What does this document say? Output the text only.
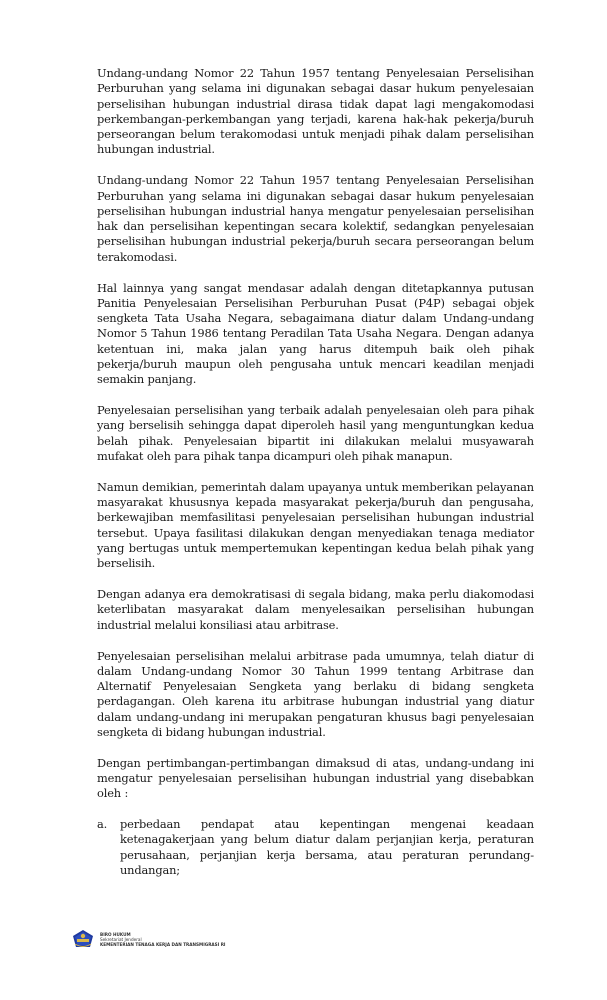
Undang-undang Nomor 22 Tahun 1957 tentang Penyelesaian Perselisihan Perburuhan yang selama ini digunakan sebagai dasar hukum penyelesaian perselisihan hubungan industrial dirasa tidak dapat lagi mengakomodasi perkembangan-perkembangan yang terjadi, karena hak-hak pekerja/buruh perseorangan belum terakomodasi untuk menjadi pihak dalam perselisihan hubungan industrial.

Undang-undang Nomor 22 Tahun 1957 tentang Penyelesaian Perselisihan Perburuhan yang selama ini digunakan sebagai dasar hukum penyelesaian perselisihan hubungan industrial hanya mengatur penyelesaian perselisihan hak dan perselisihan kepentingan secara kolektif, sedangkan penyelesaian perselisihan hubungan industrial pekerja/buruh secara perseorangan belum terakomodasi.

Hal lainnya yang sangat mendasar adalah dengan ditetapkannya putusan Panitia Penyelesaian Perselisihan Perburuhan Pusat (P4P) sebagai objek sengketa Tata Usaha Negara, sebagaimana diatur dalam Undang-undang Nomor 5 Tahun 1986 tentang Peradilan Tata Usaha Negara. Dengan adanya ketentuan ini, maka jalan yang harus ditempuh baik oleh pihak pekerja/buruh maupun oleh pengusaha untuk mencari keadilan menjadi semakin panjang.

Penyelesaian perselisihan yang terbaik adalah penyelesaian oleh para pihak yang berselisih sehingga dapat diperoleh hasil yang menguntungkan kedua belah pihak. Penyelesaian bipartit ini dilakukan melalui musyawarah mufakat oleh para pihak tanpa dicampuri oleh pihak manapun.

Namun demikian, pemerintah dalam upayanya untuk memberikan pelayanan masyarakat khususnya kepada masyarakat pekerja/buruh dan pengusaha, berkewajiban memfasilitasi penyelesaian perselisihan hubungan industrial tersebut. Upaya fasilitasi dilakukan dengan menyediakan tenaga mediator yang bertugas untuk mempertemukan kepentingan kedua belah pihak yang berselisih.

Dengan adanya era demokratisasi di segala bidang, maka perlu diakomodasi keterlibatan masyarakat dalam menyelesaikan perselisihan hubungan industrial melalui konsiliasi atau arbitrase.

Penyelesaian perselisihan melalui arbitrase pada umumnya, telah diatur di dalam Undang-undang Nomor 30 Tahun 1999 tentang Arbitrase dan Alternatif Penyelesaian Sengketa yang berlaku di bidang sengketa perdagangan. Oleh karena itu arbitrase hubungan industrial yang diatur dalam undang-undang ini merupakan pengaturan khusus bagi penyelesaian sengketa di bidang hubungan industrial.

Dengan pertimbangan-pertimbangan dimaksud di atas, undang-undang ini mengatur penyelesaian perselisihan hubungan industrial yang disebabkan oleh :

a.	perbedaan pendapat atau kepentingan mengenai keadaan ketenagakerjaan yang belum diatur dalam perjanjian kerja, peraturan perusahaan, perjanjian kerja bersama, atau peraturan perundang-undangan;
BIRO HUKUM
Sekretariat Jenderal
KEMENTERIAN TENAGA KERJA DAN TRANSMIGRASI RI
